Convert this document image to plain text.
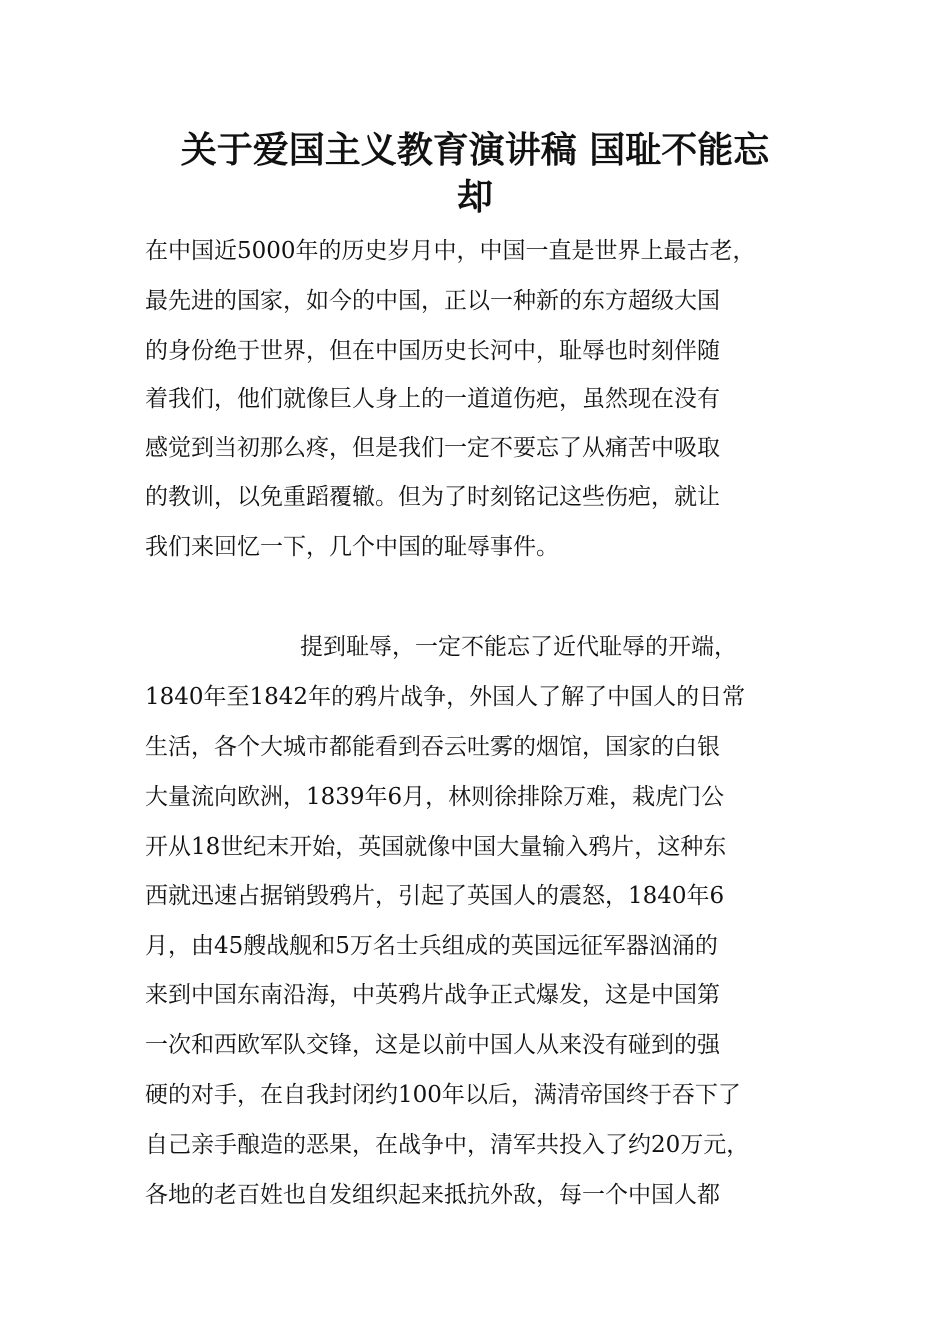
关于爱国主义教育演讲稿 国耻不能忘
却

在中国近5000年的历史岁月中，中国一直是世界上最古老，

最先进的国家，如今的中国，正以一种新的东方超级大国

的身份绝于世界，但在中国历史长河中，耻辱也时刻伴随

着我们，他们就像巨人身上的一道道伤疤，虽然现在没有

感觉到当初那么疼，但是我们一定不要忘了从痛苦中吸取

的教训，以免重蹈覆辙。但为了时刻铭记这些伤疤，就让

我们来回忆一下，几个中国的耻辱事件。

提到耻辱，一定不能忘了近代耻辱的开端，

1840年至1842年的鸦片战争，外国人了解了中国人的日常

生活，各个大城市都能看到吞云吐雾的烟馆，国家的白银

大量流向欧洲，1839年6月，林则徐排除万难，栽虎门公

开从18世纪末开始，英国就像中国大量输入鸦片，这种东

西就迅速占据销毁鸦片，引起了英国人的震怒，1840年6

月，由45艘战舰和5万名士兵组成的英国远征军器汹涌的

来到中国东南沿海，中英鸦片战争正式爆发，这是中国第

一次和西欧军队交锋，这是以前中国人从来没有碰到的强

硬的对手，在自我封闭约100年以后，满清帝国终于吞下了

自己亲手酿造的恶果，在战争中，清军共投入了约20万元，

各地的老百姓也自发组织起来抵抗外敌，每一个中国人都
